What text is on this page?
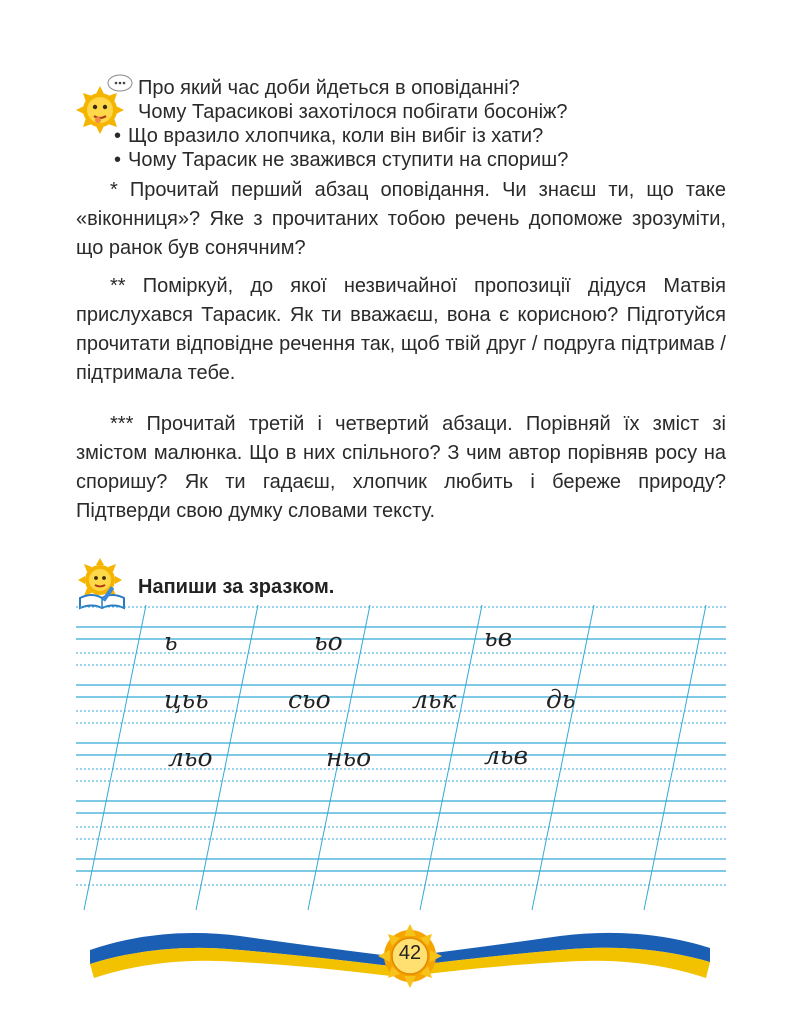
Про який час доби йдеться в оповіданні?
Чому Тарасикові захотілося побігати босоніж?
• Що вразило хлопчика, коли він вибіг із хати?
• Чому Тарасик не зважився ступити на спориш?
* Прочитай перший абзац оповідання. Чи знаєш ти, що таке «віконниця»? Яке з прочитаних тобою речень допоможе зрозуміти, що ранок був сонячним?
** Поміркуй, до якої незвичайної пропозиції дідуся Матвія прислухався Тарасик. Як ти вважаєш, вона є корисною? Підготуйся прочитати відповідне речення так, щоб твій друг / подруга підтримав / підтримала тебе.
*** Прочитай третій і четвертий абзаци. Порівняй їх зміст зі змістом малюнка. Що в них спільного? З чим автор порівняв росу на споришу? Як ти гадаєш, хлопчик любить і береже природу? Підтверди свою думку словами тексту.
Напиши за зразком.
ь	ьо	ьв
цьь	сьо	льк	дь
льо	ньо	льв
42
